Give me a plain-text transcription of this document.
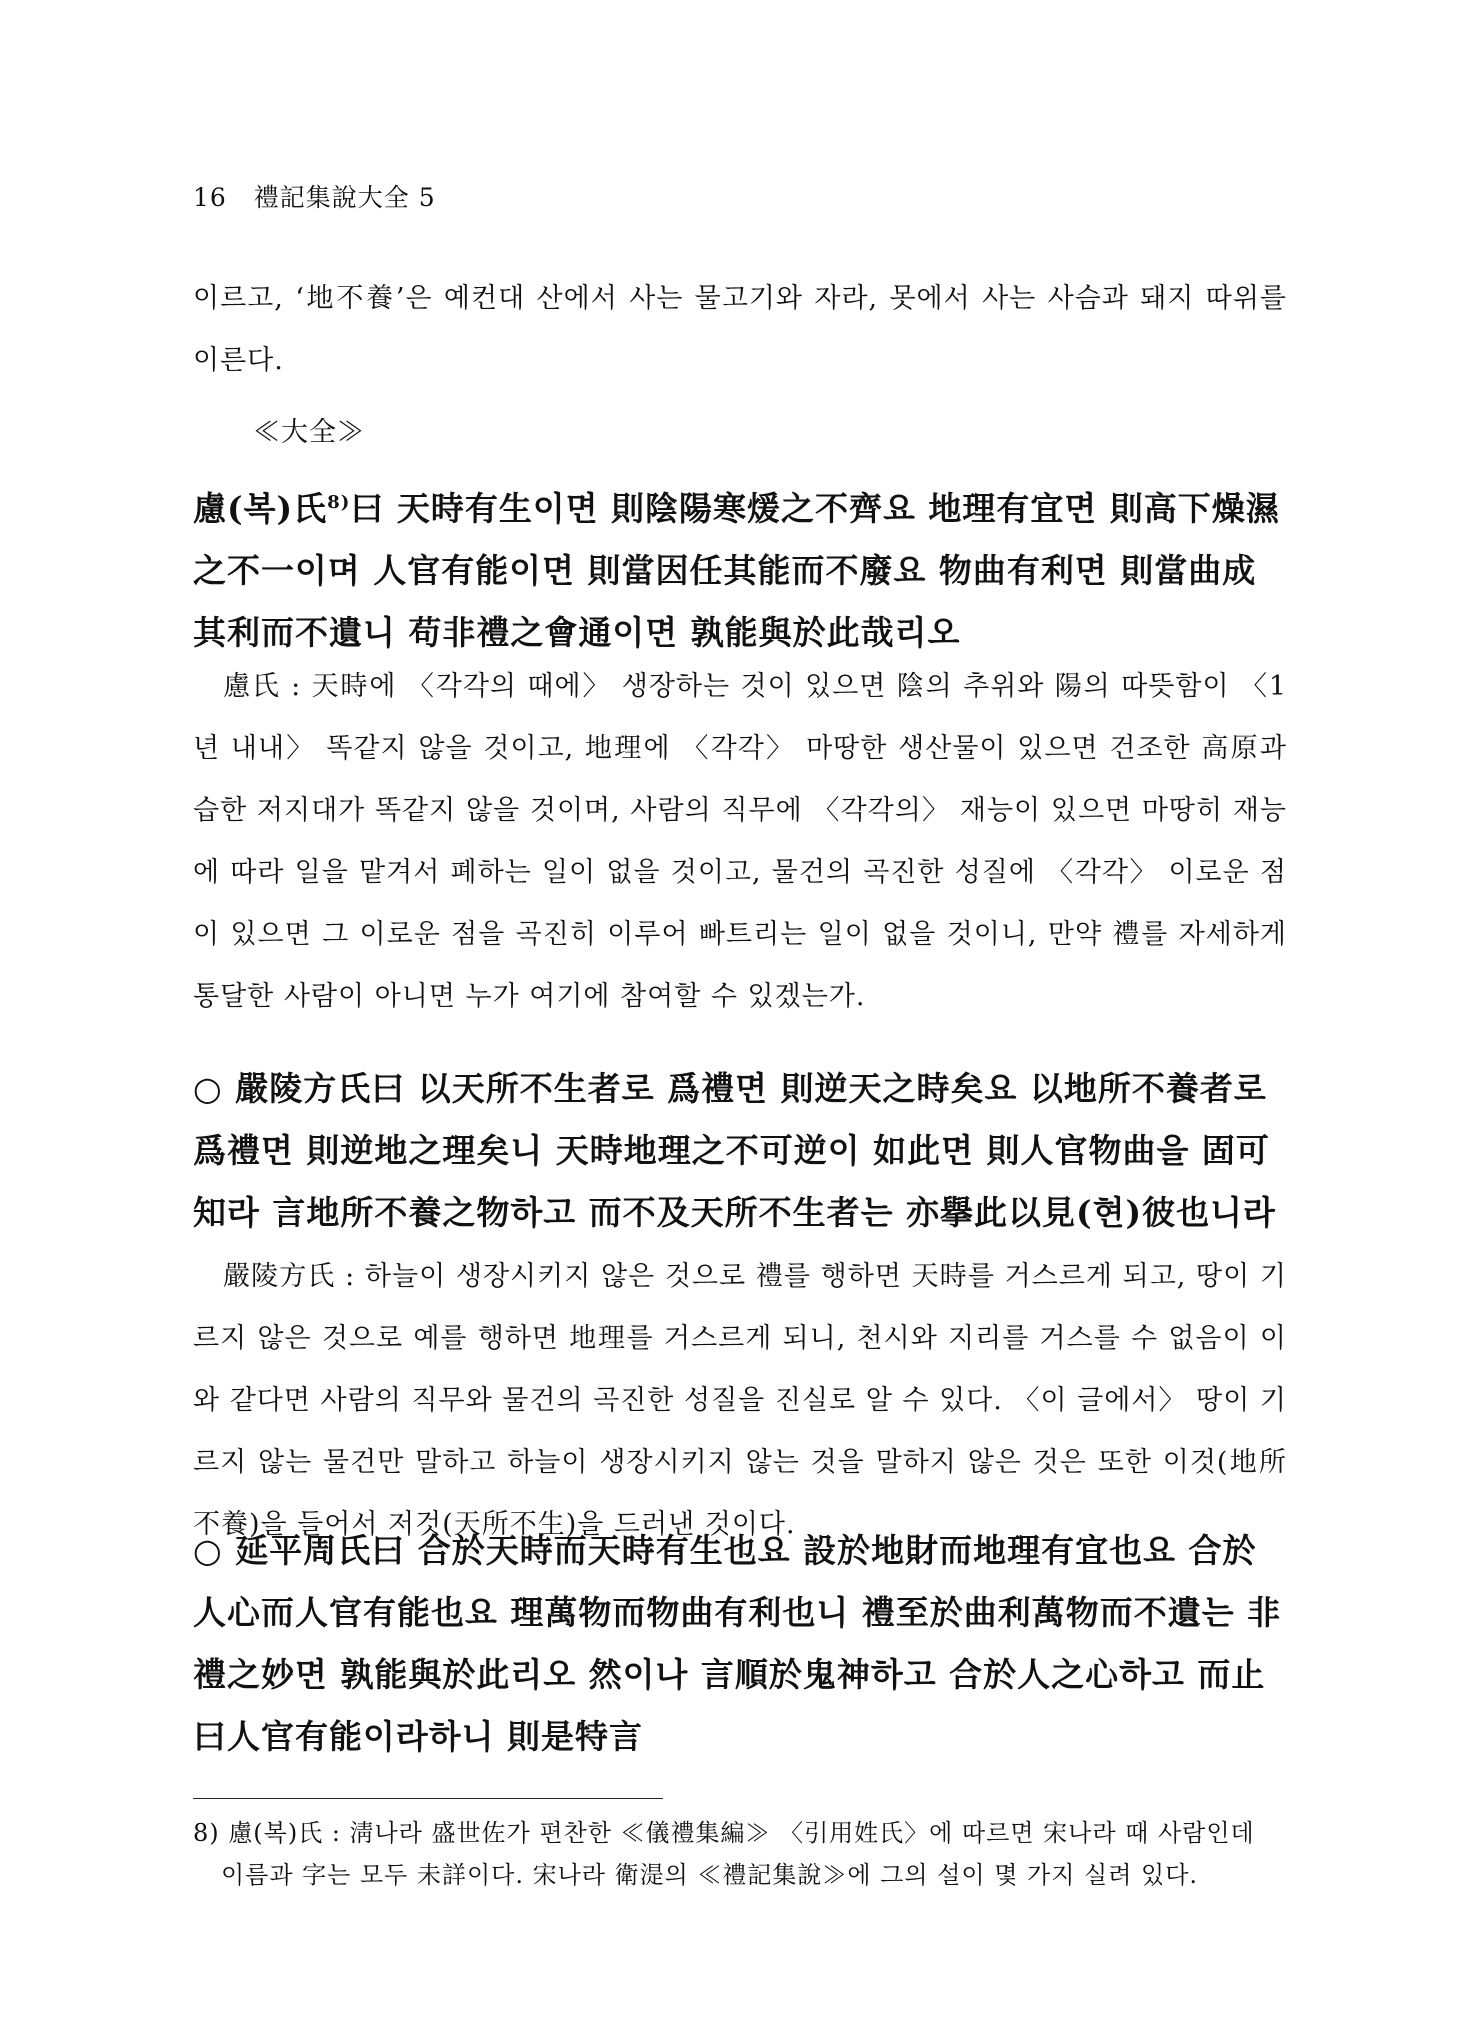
16 禮記集說大全 5
이르고, ‘地不養’은 예컨대 산에서 사는 물고기와 자라, 못에서 사는 사슴과 돼지 따위를 이른다.
≪大全≫
慮(복)氏$^{8)}$曰 天時有生이면 則陰陽寒煖之不齊요 地理有宜면 則高下燥濕之不一이며 人官有能이면 則當因任其能而不廢요 物曲有利면 則當曲成其利而不遺니 苟非禮之會通이면 孰能與於此哉리오
慮氏 : 天時에 〈각각의 때에〉 생장하는 것이 있으면 陰의 추위와 陽의 따뜻함이 〈1년 내내〉 똑같지 않을 것이고, 地理에 〈각각〉 마땅한 생산물이 있으면 건조한 高原과 습한 저지대가 똑같지 않을 것이며, 사람의 직무에 〈각각의〉 재능이 있으면 마땅히 재능에 따라 일을 맡겨서 폐하는 일이 없을 것이고, 물건의 곡진한 성질에 〈각각〉 이로운 점이 있으면 그 이로운 점을 곡진히 이루어 빠트리는 일이 없을 것이니, 만약 禮를 자세하게 통달한 사람이 아니면 누가 여기에 참여할 수 있겠는가.
○ 嚴陵方氏曰 以天所不生者로 爲禮면 則逆天之時矣요 以地所不養者로 爲禮면 則逆地之理矣니 天時地理之不可逆이 如此면 則人官物曲을 固可知라 言地所不養之物하고 而不及天所不生者는 亦擧此以見(현)彼也니라
嚴陵方氏 : 하늘이 생장시키지 않은 것으로 禮를 행하면 天時를 거스르게 되고, 땅이 기르지 않은 것으로 예를 행하면 地理를 거스르게 되니, 천시와 지리를 거스를 수 없음이 이와 같다면 사람의 직무와 물건의 곡진한 성질을 진실로 알 수 있다. 〈이 글에서〉 땅이 기르지 않는 물건만 말하고 하늘이 생장시키지 않는 것을 말하지 않은 것은 또한 이것(地所不養)을 들어서 저것(天所不生)을 드러낸 것이다.
○ 延平周氏曰 合於天時而天時有生也요 設於地財而地理有宜也요 合於人心而人官有能也요 理萬物而物曲有利也니 禮至於曲利萬物而不遺는 非禮之妙면 孰能與於此리오 然이나 言順於鬼神하고 合於人之心하고 而止曰人官有能이라하니 則是特言
8) 慮(복)氏 : 淸나라 盛世佐가 편찬한 ≪儀禮集編≫ 〈引用姓氏〉에 따르면 宋나라 때 사람인데
이름과 字는 모두 未詳이다. 宋나라 衛湜의 ≪禮記集說≫에 그의 설이 몇 가지 실려 있다.
